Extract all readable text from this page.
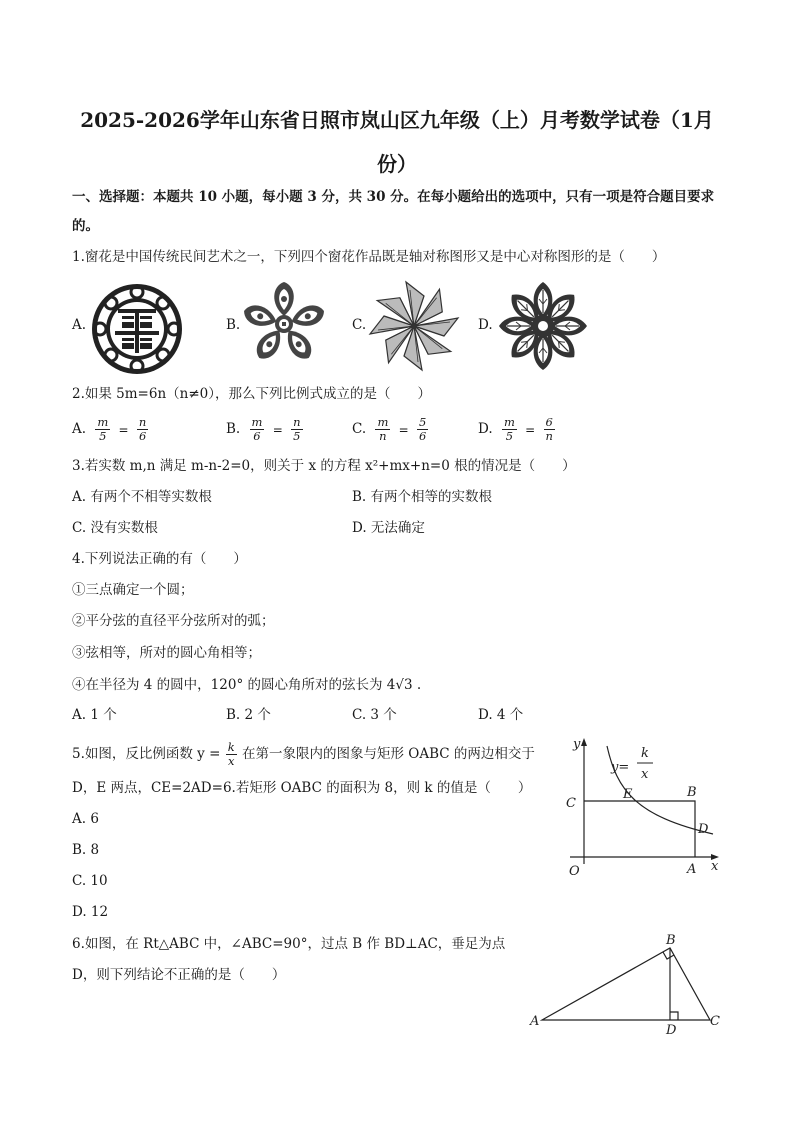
2025-2026学年山东省日照市岚山区九年级（上）月考数学试卷（1月
份）
一、选择题：本题共 10 小题，每小题 3 分，共 30 分。在每小题给出的选项中，只有一项是符合题目要求
的。
1.窗花是中国传统民间艺术之一，下列四个窗花作品既是轴对称图形又是中心对称图形的是（　　）
A.	B.	C.	D.
2.如果 5m=6n（n≠0），那么下列比例式成立的是（　　）
A. $\frac{m}{5} = \frac{n}{6}$	B. $\frac{m}{6} = \frac{n}{5}$	C. $\frac{m}{n} = \frac{5}{6}$	D. $\frac{m}{5} = \frac{6}{n}$
3.若实数 m,n 满足 m-n-2=0，则关于 x 的方程 x²+mx+n=0 根的情况是（　　）
A. 有两个不相等实数根	B. 有两个相等的实数根
C. 没有实数根	D. 无法确定
4.下列说法正确的有（　　）
①三点确定一个圆；
②平分弦的直径平分弦所对的弧；
③弦相等，所对的圆心角相等；
④在半径为 4 的圆中，120° 的圆心角所对的弦长为 4√3 .
A. 1 个	B. 2 个	C. 3 个	D. 4 个
5.如图，反比例函数 $y = \frac{k}{x}$ 在第一象限内的图象与矩形 OABC 的两边相交于
D，E 两点，CE=2AD=6.若矩形 OABC 的面积为 8，则 k 的值是（　　）
A. 6
B. 8
C. 10
D. 12
y
x
O	A
B
C
D
E
y=
k
x
6.如图，在 Rt△ABC 中，∠ABC=90°，过点 B 作 BD⊥AC，垂足为点
D，则下列结论不正确的是（　　）
A
B
C
D
